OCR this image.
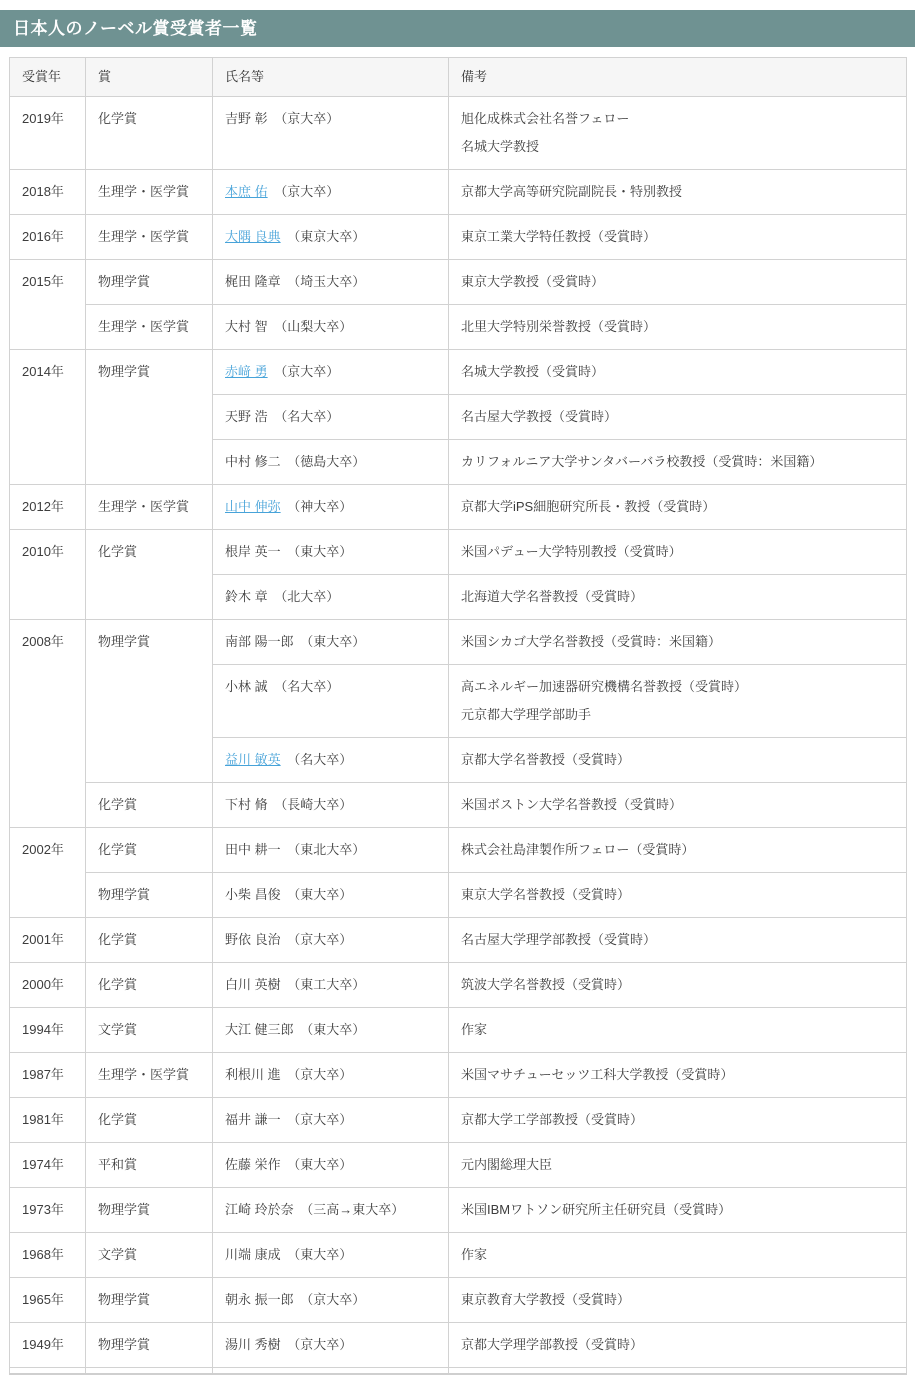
日本人のノーベル賞受賞者一覧
受賞年	賞	氏名等	備考
2019年	化学賞	吉野 彰 （京大卒）	旭化成株式会社名誉フェロー
名城大学教授
2018年	生理学・医学賞	本庶 佑 （京大卒）	京都大学高等研究院副院長・特別教授
2016年	生理学・医学賞	大隅 良典 （東京大卒）	東京工業大学特任教授（受賞時）
2015年	物理学賞	梶田 隆章 （埼玉大卒）	東京大学教授（受賞時）
	生理学・医学賞	大村 智 （山梨大卒）	北里大学特別栄誉教授（受賞時）
2014年	物理学賞	赤﨑 勇 （京大卒）	名城大学教授（受賞時）
		天野 浩 （名大卒）	名古屋大学教授（受賞時）
		中村 修二 （徳島大卒）	カリフォルニア大学サンタバーバラ校教授（受賞時：米国籍）
2012年	生理学・医学賞	山中 伸弥 （神大卒）	京都大学iPS細胞研究所長・教授（受賞時）
2010年	化学賞	根岸 英一 （東大卒）	米国パデュー大学特別教授（受賞時）
		鈴木 章 （北大卒）	北海道大学名誉教授（受賞時）
2008年	物理学賞	南部 陽一郎 （東大卒）	米国シカゴ大学名誉教授（受賞時：米国籍）
		小林 誠 （名大卒）	高エネルギー加速器研究機構名誉教授（受賞時）
元京都大学理学部助手
		益川 敏英 （名大卒）	京都大学名誉教授（受賞時）
	化学賞	下村 脩 （長崎大卒）	米国ボストン大学名誉教授（受賞時）
2002年	化学賞	田中 耕一 （東北大卒）	株式会社島津製作所フェロー（受賞時）
	物理学賞	小柴 昌俊 （東大卒）	東京大学名誉教授（受賞時）
2001年	化学賞	野依 良治 （京大卒）	名古屋大学理学部教授（受賞時）
2000年	化学賞	白川 英樹 （東工大卒）	筑波大学名誉教授（受賞時）
1994年	文学賞	大江 健三郎 （東大卒）	作家
1987年	生理学・医学賞	利根川 進 （京大卒）	米国マサチューセッツ工科大学教授（受賞時）
1981年	化学賞	福井 謙一 （京大卒）	京都大学工学部教授（受賞時）
1974年	平和賞	佐藤 栄作 （東大卒）	元内閣総理大臣
1973年	物理学賞	江崎 玲於奈 （三高→東大卒）	米国IBMワトソン研究所主任研究員（受賞時）
1968年	文学賞	川端 康成 （東大卒）	作家
1965年	物理学賞	朝永 振一郎 （京大卒）	東京教育大学教授（受賞時）
1949年	物理学賞	湯川 秀樹 （京大卒）	京都大学理学部教授（受賞時）
